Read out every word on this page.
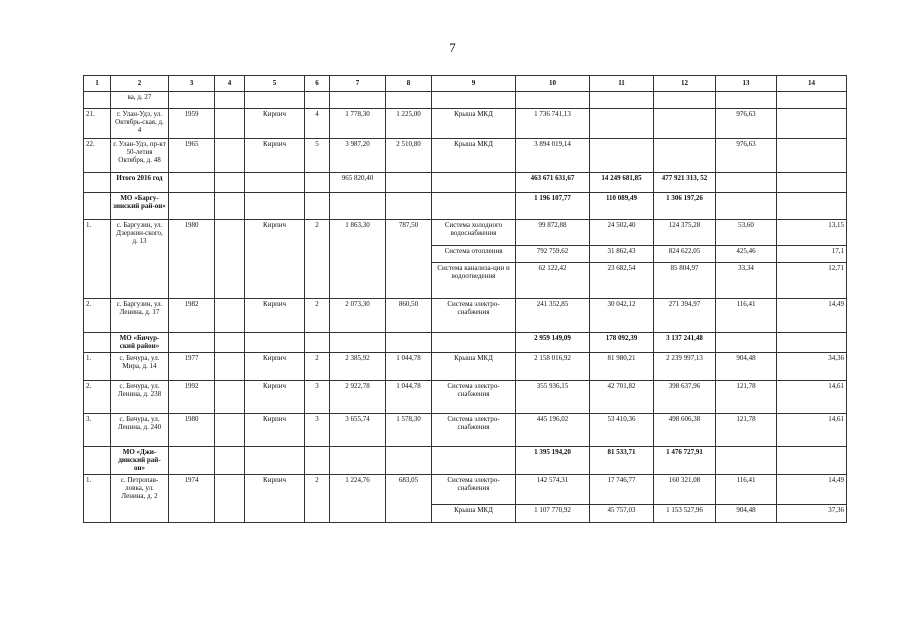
7
1	2	3	4	5	6	7	8	9	10	11	12	13	14
	ва, д. 27												
21.	г. Улан-Удэ, ул. Октябрь-ская, д. 4	1959		Кирпич	4	1 778,30	1 225,00	Крыша МКД	1 736 741,13			976,63	
22.	г. Улан-Удэ, пр-кт 50-летия Октября, д. 48	1965		Кирпич	5	3 987,20	2 510,80	Крыша МКД	3 894 019,14			976,63	
	Итого 2016 год					965 820,40			463 671 631,67	14 249 681,85	477 921 313, 52		
	МО «Баргу-зинский рай-он»								1 196 107,77	110 089,49	1 306 197,26		
1.	с. Баргузин, ул. Дзержин-ского, д. 13	1980		Кирпич	2	1 863,30	787,50	Система холодного водоснабжения	99 872,88	24 502,40	124 375,28	53,60	13,15
								Система отопления	792 759,62	31 862,43	824 622,05	425,46	17,1
								Система канализа-ции и водоотведения	62 122,42	23 682,54	85 804,97	33,34	12,71
2.	с. Баргузин, ул. Ленина, д. 17	1982		Кирпич	2	2 073,30	860,50	Система электро-снабжения	241 352,85	30 042,12	271 394,97	116,41	14,49
	МО «Бичур-ский район»								2 959 149,09	178 092,39	3 137 241,48		
1.	с. Бичура, ул. Мира, д. 14	1977		Кирпич	2	2 385,92	1 044,78	Крыша МКД	2 158 016,92	81 980,21	2 239 997,13	904,48	34,36
2.	с. Бичура, ул. Ленина, д. 238	1992		Кирпич	3	2 922,78	1 044,78	Система электро-снабжения	355 936,15	42 701,82	398 637,96	121,78	14,61
3.	с. Бичура, ул. Ленина, д. 240	1980		Кирпич	3	3 655,74	1 578,30	Система электро-снабжения	445 196,02	53 410,36	498 606,38	121,78	14,61
	МО «Джи-динский рай-он»								1 395 194,20	81 533,71	1 476 727,91		
1.	с. Петропав-ловка, ул. Ленина, д. 2	1974		Кирпич	2	1 224,76	683,05	Система электро-снабжения	142 574,31	17 746,77	160 321,08	116,41	14,49
								Крыша МКД	1 107 770,92	45 757,03	1 153 527,96	904,48	37,36
